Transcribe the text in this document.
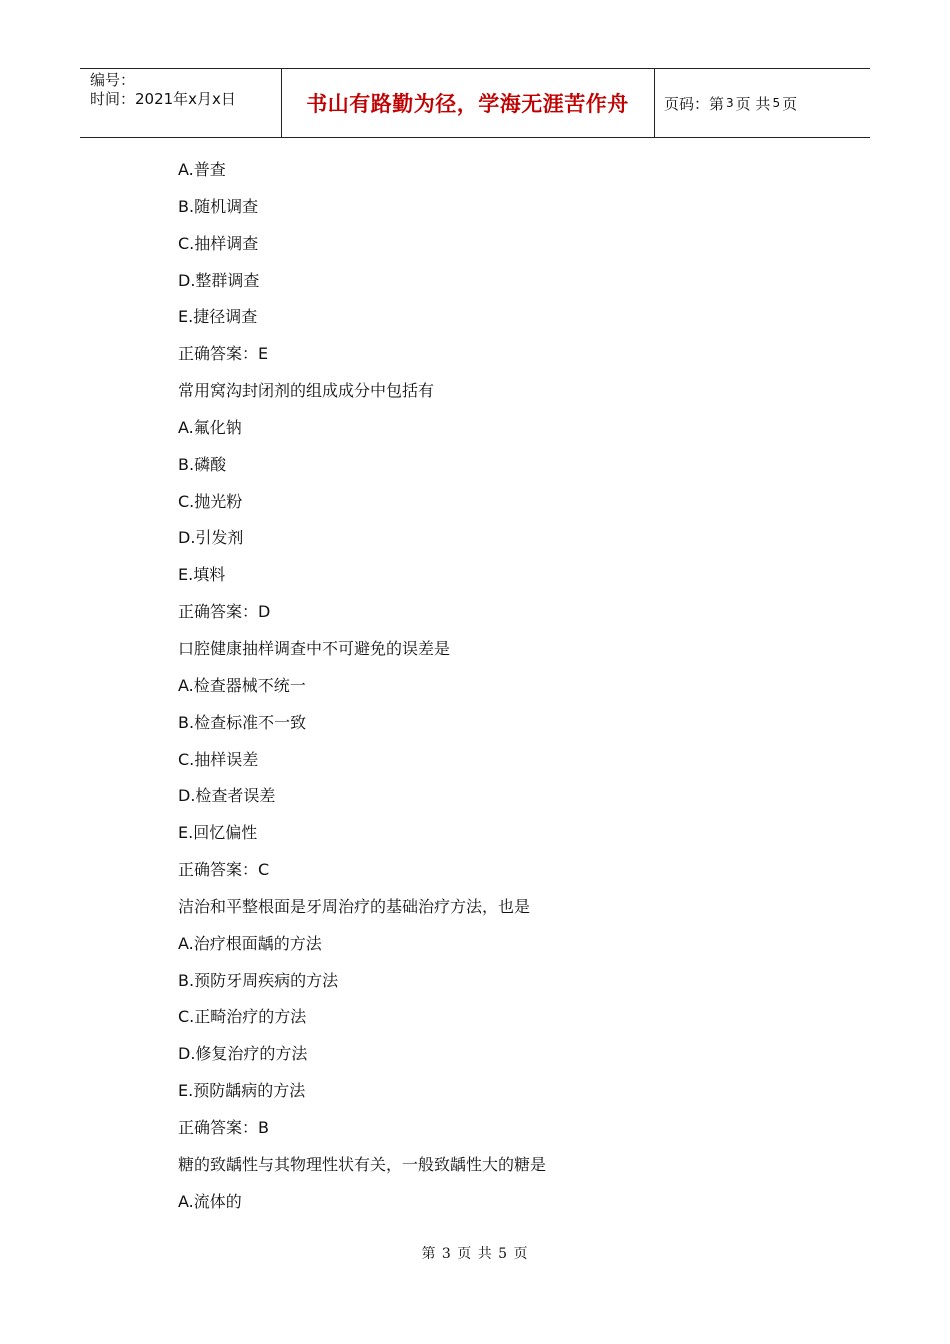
编号：
时间：2021年x月x日	书山有路勤为径，学海无涯苦作舟	页码：第 3 页 共 5 页
A.普查
B.随机调查
C.抽样调查
D.整群调查
E.捷径调查
正确答案：E
常用窝沟封闭剂的组成成分中包括有
A.氟化钠
B.磷酸
C.抛光粉
D.引发剂
E.填料
正确答案：D
口腔健康抽样调查中不可避免的误差是
A.检查器械不统一
B.检查标准不一致
C.抽样误差
D.检查者误差
E.回忆偏性
正确答案：C
洁治和平整根面是牙周治疗的基础治疗方法，也是
A.治疗根面龋的方法
B.预防牙周疾病的方法
C.正畸治疗的方法
D.修复治疗的方法
E.预防龋病的方法
正确答案：B
糖的致龋性与其物理性状有关，一般致龋性大的糖是
A.流体的
第 3 页 共 5 页
